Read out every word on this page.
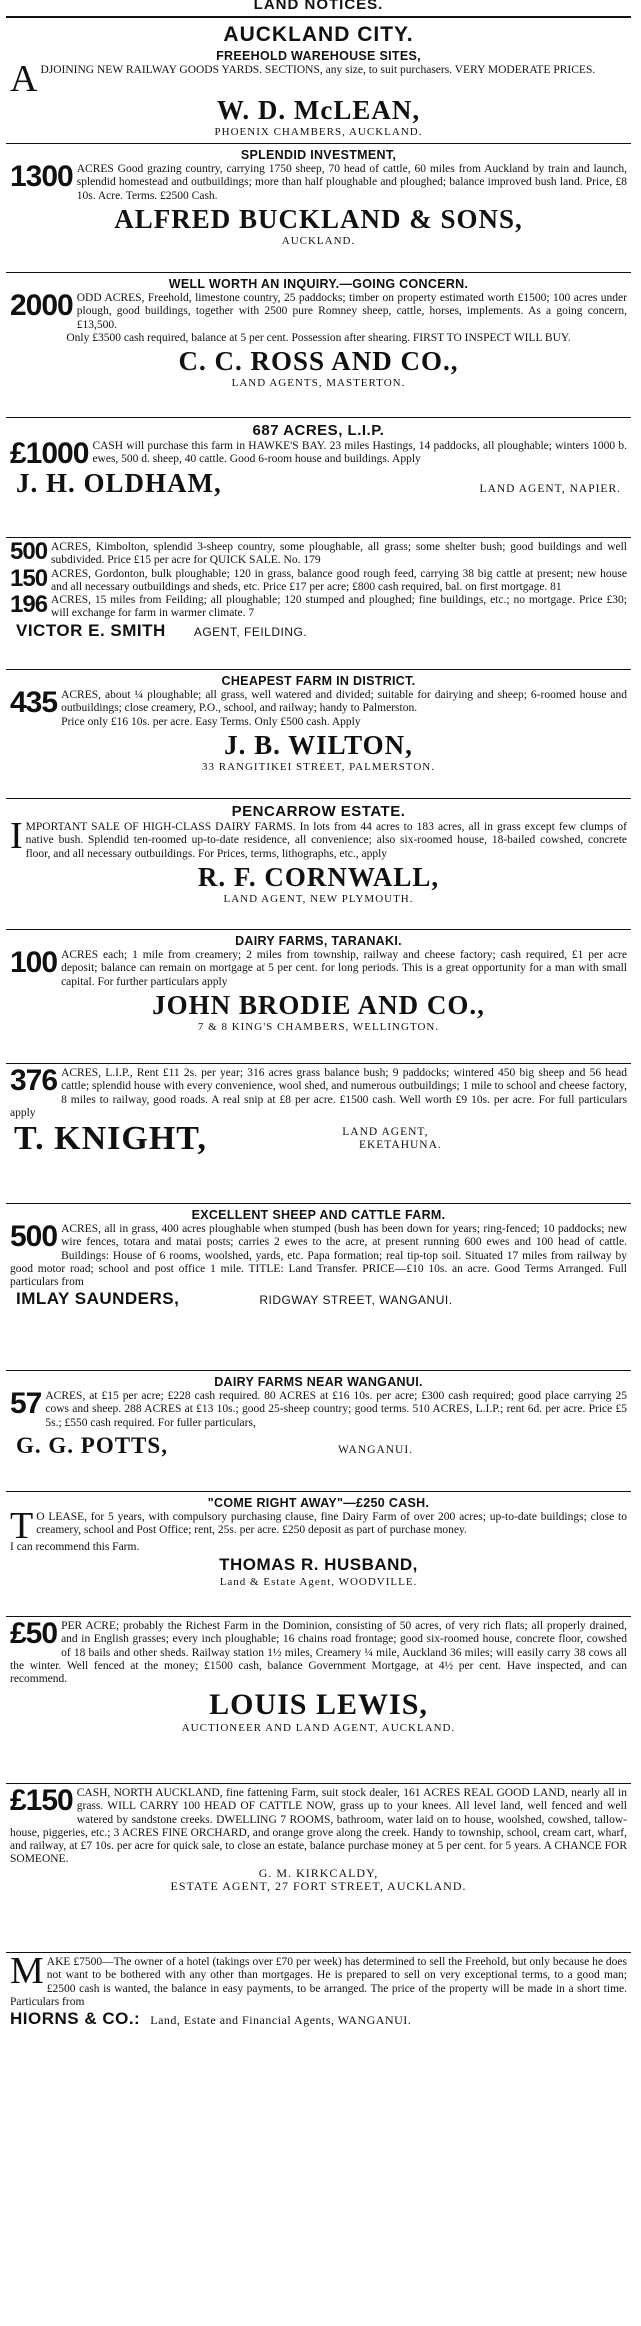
LAND NOTICES.
AUCKLAND CITY.
FREEHOLD WAREHOUSE SITES,
A DJOINING NEW RAILWAY GOODS YARDS. SECTIONS, any size, to suit purchasers. VERY MODERATE PRICES.
W. D. McLEAN,
PHOENIX CHAMBERS, AUCKLAND.
SPLENDID INVESTMENT,
1300 ACRES Good grazing country, carrying 1750 sheep, 70 head of cattle, 60 miles from Auckland by train and launch, splendid homestead and outbuildings; more than half ploughable and ploughed; balance improved bush land. Price, £8 10s. Acre. Terms. £2500 Cash.
ALFRED BUCKLAND & SONS,
AUCKLAND.
WELL WORTH AN INQUIRY.—GOING CONCERN.
2000 ODD ACRES, Freehold, limestone country, 25 paddocks; timber on property estimated worth £1500; 100 acres under plough, good buildings, together with 2500 pure Romney sheep, cattle, horses, implements. As a going concern, £13,500.
Only £3500 cash required, balance at 5 per cent. Possession after shearing. FIRST TO INSPECT WILL BUY.
C. C. ROSS AND CO.,
LAND AGENTS, MASTERTON.
687 ACRES, L.I.P.
£1000 CASH will purchase this farm in HAWKE'S BAY. 23 miles Hastings, 14 paddocks, all ploughable; winters 1000 b. ewes, 500 d. sheep, 40 cattle. Good 6-room house and buildings. Apply
J. H. OLDHAM,	LAND AGENT, NAPIER.
500 ACRES, Kimbolton, splendid 3-sheep country, some ploughable, all grass; some shelter bush; good buildings and well subdivided. Price £15 per acre for QUICK SALE. No. 179
150 ACRES, Gordonton, bulk ploughable; 120 in grass, balance good rough feed, carrying 38 big cattle at present; new house and all necessary outbuildings and sheds, etc. Price £17 per acre; £800 cash required, bal. on first mortgage. 81
196 ACRES, 15 miles from Feilding; all ploughable; 120 stumped and ploughed; fine buildings, etc.; no mortgage. Price £30; will exchange for farm in warmer climate. 7
VICTOR E. SMITH AGENT, FEILDING.
CHEAPEST FARM IN DISTRICT.
435 ACRES, about ¼ ploughable; all grass, well watered and divided; suitable for dairying and sheep; 6-roomed house and outbuildings; close creamery, P.O., school, and railway; handy to Palmerston.
Price only £16 10s. per acre. Easy Terms. Only £500 cash. Apply
J. B. WILTON,
33 RANGITIKEI STREET, PALMERSTON.
PENCARROW ESTATE.
I MPORTANT SALE OF HIGH-CLASS DAIRY FARMS. In lots from 44 acres to 183 acres, all in grass except few clumps of native bush. Splendid ten-roomed up-to-date residence, all convenience; also six-roomed house, 18-bailed cowshed, concrete floor, and all necessary outbuildings. For Prices, terms, lithographs, etc., apply
R. F. CORNWALL,
LAND AGENT, NEW PLYMOUTH.
DAIRY FARMS, TARANAKI.
100 ACRES each; 1 mile from creamery; 2 miles from township, railway and cheese factory; cash required, £1 per acre deposit; balance can remain on mortgage at 5 per cent. for long periods. This is a great opportunity for a man with small capital. For further particulars apply
JOHN BRODIE AND CO.,
7 & 8 KING'S CHAMBERS, WELLINGTON.
376 ACRES, L.I.P., Rent £11 2s. per year; 316 acres grass balance bush; 9 paddocks; wintered 450 big sheep and 56 head cattle; splendid house with every convenience, wool shed, and numerous outbuildings; 1 mile to school and cheese factory, 8 miles to railway, good roads. A real snip at £8 per acre. £1500 cash. Well worth £9 10s. per acre. For full particulars apply
T. KNIGHT,	LAND AGENT,
EKETAHUNA.
EXCELLENT SHEEP AND CATTLE FARM.
500 ACRES, all in grass, 400 acres ploughable when stumped (bush has been down for years; ring-fenced; 10 paddocks; new wire fences, totara and matai posts; carries 2 ewes to the acre, at present running 600 ewes and 100 head of cattle. Buildings: House of 6 rooms, woolshed, yards, etc. Papa formation; real tip-top soil. Situated 17 miles from railway by good motor road; school and post office 1 mile. TITLE: Land Transfer. PRICE—£10 10s. an acre. Good Terms Arranged. Full particulars from
IMLAY SAUNDERS,	RIDGWAY STREET, WANGANUI.
DAIRY FARMS NEAR WANGANUI.
57 ACRES, at £15 per acre; £228 cash required. 80 ACRES at £16 10s. per acre; £300 cash required; good place carrying 25 cows and sheep. 288 ACRES at £13 10s.; good 25-sheep country; good terms. 510 ACRES, L.I.P.; rent 6d. per acre. Price £5 5s.; £550 cash required. For fuller particulars,
G. G. POTTS,	WANGANUI.
"COME RIGHT AWAY"—£250 CASH.
T O LEASE, for 5 years, with compulsory purchasing clause, fine Dairy Farm of over 200 acres; up-to-date buildings; close to creamery, school and Post Office; rent, 25s. per acre. £250 deposit as part of purchase money.
I can recommend this Farm.
THOMAS R. HUSBAND,
Land & Estate Agent, WOODVILLE.
£50 PER ACRE; probably the Richest Farm in the Dominion, consisting of 50 acres, of very rich flats; all properly drained, and in English grasses; every inch ploughable; 16 chains road frontage; good six-roomed house, concrete floor, cowshed of 18 bails and other sheds. Railway station 1½ miles, Creamery ¼ mile, Auckland 36 miles; will easily carry 38 cows all the winter. Well fenced at the money; £1500 cash, balance Government Mortgage, at 4½ per cent. Have inspected, and can recommend.
LOUIS LEWIS,
AUCTIONEER AND LAND AGENT, AUCKLAND.
£150 CASH, NORTH AUCKLAND, fine fattening Farm, suit stock dealer, 161 ACRES REAL GOOD LAND, nearly all in grass. WILL CARRY 100 HEAD OF CATTLE NOW, grass up to your knees. All level land, well fenced and well watered by sandstone creeks. DWELLING 7 ROOMS, bathroom, water laid on to house, woolshed, cowshed, tallow-house, piggeries, etc.; 3 ACRES FINE ORCHARD, and orange grove along the creek. Handy to township, school, cream cart, wharf, and railway, at £7 10s. per acre for quick sale, to close an estate, balance purchase money at 5 per cent. for 5 years. A CHANCE FOR SOMEONE.
G. M. KIRKCALDY,
ESTATE AGENT, 27 FORT STREET, AUCKLAND.
M AKE £7500—The owner of a hotel (takings over £70 per week) has determined to sell the Freehold, but only because he does not want to be bothered with any other than mortgages. He is prepared to sell on very exceptional terms, to a good man; £2500 cash is wanted, the balance in easy payments, to be arranged. The price of the property will be made in a short time. Particulars from
HIORNS & CO.: Land, Estate and Financial Agents, WANGANUI.
